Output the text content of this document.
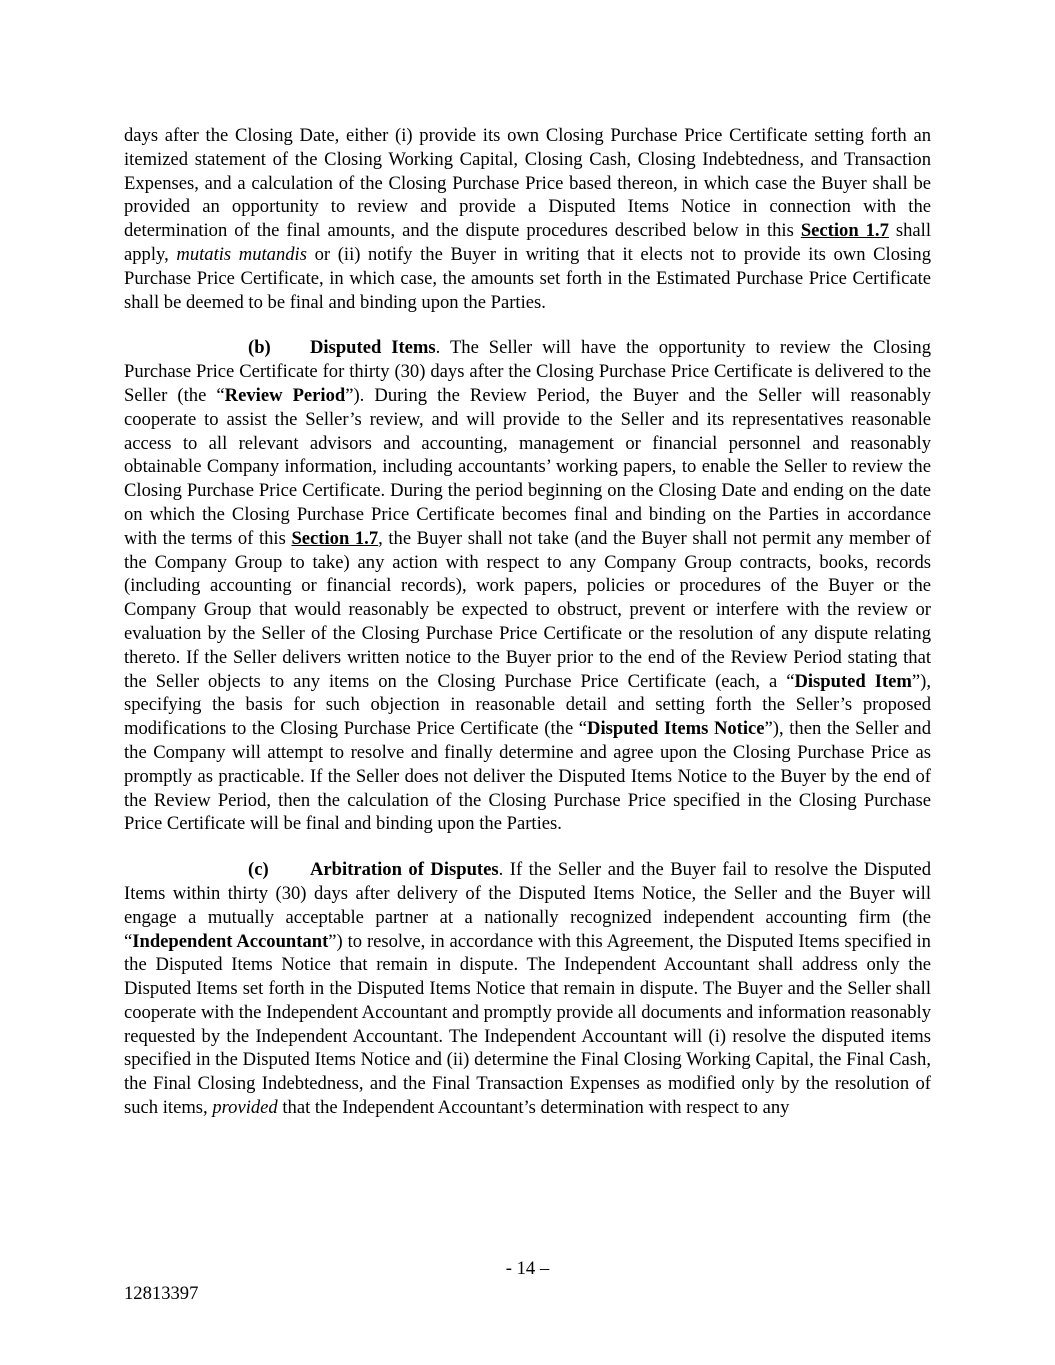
days after the Closing Date, either (i) provide its own Closing Purchase Price Certificate setting forth an itemized statement of the Closing Working Capital, Closing Cash, Closing Indebtedness, and Transaction Expenses, and a calculation of the Closing Purchase Price based thereon, in which case the Buyer shall be provided an opportunity to review and provide a Disputed Items Notice in connection with the determination of the final amounts, and the dispute procedures described below in this Section 1.7 shall apply, mutatis mutandis or (ii) notify the Buyer in writing that it elects not to provide its own Closing Purchase Price Certificate, in which case, the amounts set forth in the Estimated Purchase Price Certificate shall be deemed to be final and binding upon the Parties.

(b) Disputed Items. The Seller will have the opportunity to review the Closing Purchase Price Certificate for thirty (30) days after the Closing Purchase Price Certificate is delivered to the Seller (the “Review Period”). During the Review Period, the Buyer and the Seller will reasonably cooperate to assist the Seller’s review, and will provide to the Seller and its representatives reasonable access to all relevant advisors and accounting, management or financial personnel and reasonably obtainable Company information, including accountants’ working papers, to enable the Seller to review the Closing Purchase Price Certificate. During the period beginning on the Closing Date and ending on the date on which the Closing Purchase Price Certificate becomes final and binding on the Parties in accordance with the terms of this Section 1.7, the Buyer shall not take (and the Buyer shall not permit any member of the Company Group to take) any action with respect to any Company Group contracts, books, records (including accounting or financial records), work papers, policies or procedures of the Buyer or the Company Group that would reasonably be expected to obstruct, prevent or interfere with the review or evaluation by the Seller of the Closing Purchase Price Certificate or the resolution of any dispute relating thereto. If the Seller delivers written notice to the Buyer prior to the end of the Review Period stating that the Seller objects to any items on the Closing Purchase Price Certificate (each, a “Disputed Item”), specifying the basis for such objection in reasonable detail and setting forth the Seller’s proposed modifications to the Closing Purchase Price Certificate (the “Disputed Items Notice”), then the Seller and the Company will attempt to resolve and finally determine and agree upon the Closing Purchase Price as promptly as practicable. If the Seller does not deliver the Disputed Items Notice to the Buyer by the end of the Review Period, then the calculation of the Closing Purchase Price specified in the Closing Purchase Price Certificate will be final and binding upon the Parties.

(c) Arbitration of Disputes. If the Seller and the Buyer fail to resolve the Disputed Items within thirty (30) days after delivery of the Disputed Items Notice, the Seller and the Buyer will engage a mutually acceptable partner at a nationally recognized independent accounting firm (the “Independent Accountant”) to resolve, in accordance with this Agreement, the Disputed Items specified in the Disputed Items Notice that remain in dispute. The Independent Accountant shall address only the Disputed Items set forth in the Disputed Items Notice that remain in dispute. The Buyer and the Seller shall cooperate with the Independent Accountant and promptly provide all documents and information reasonably requested by the Independent Accountant. The Independent Accountant will (i) resolve the disputed items specified in the Disputed Items Notice and (ii) determine the Final Closing Working Capital, the Final Cash, the Final Closing Indebtedness, and the Final Transaction Expenses as modified only by the resolution of such items, provided that the Independent Accountant’s determination with respect to any

- 14 –
12813397
